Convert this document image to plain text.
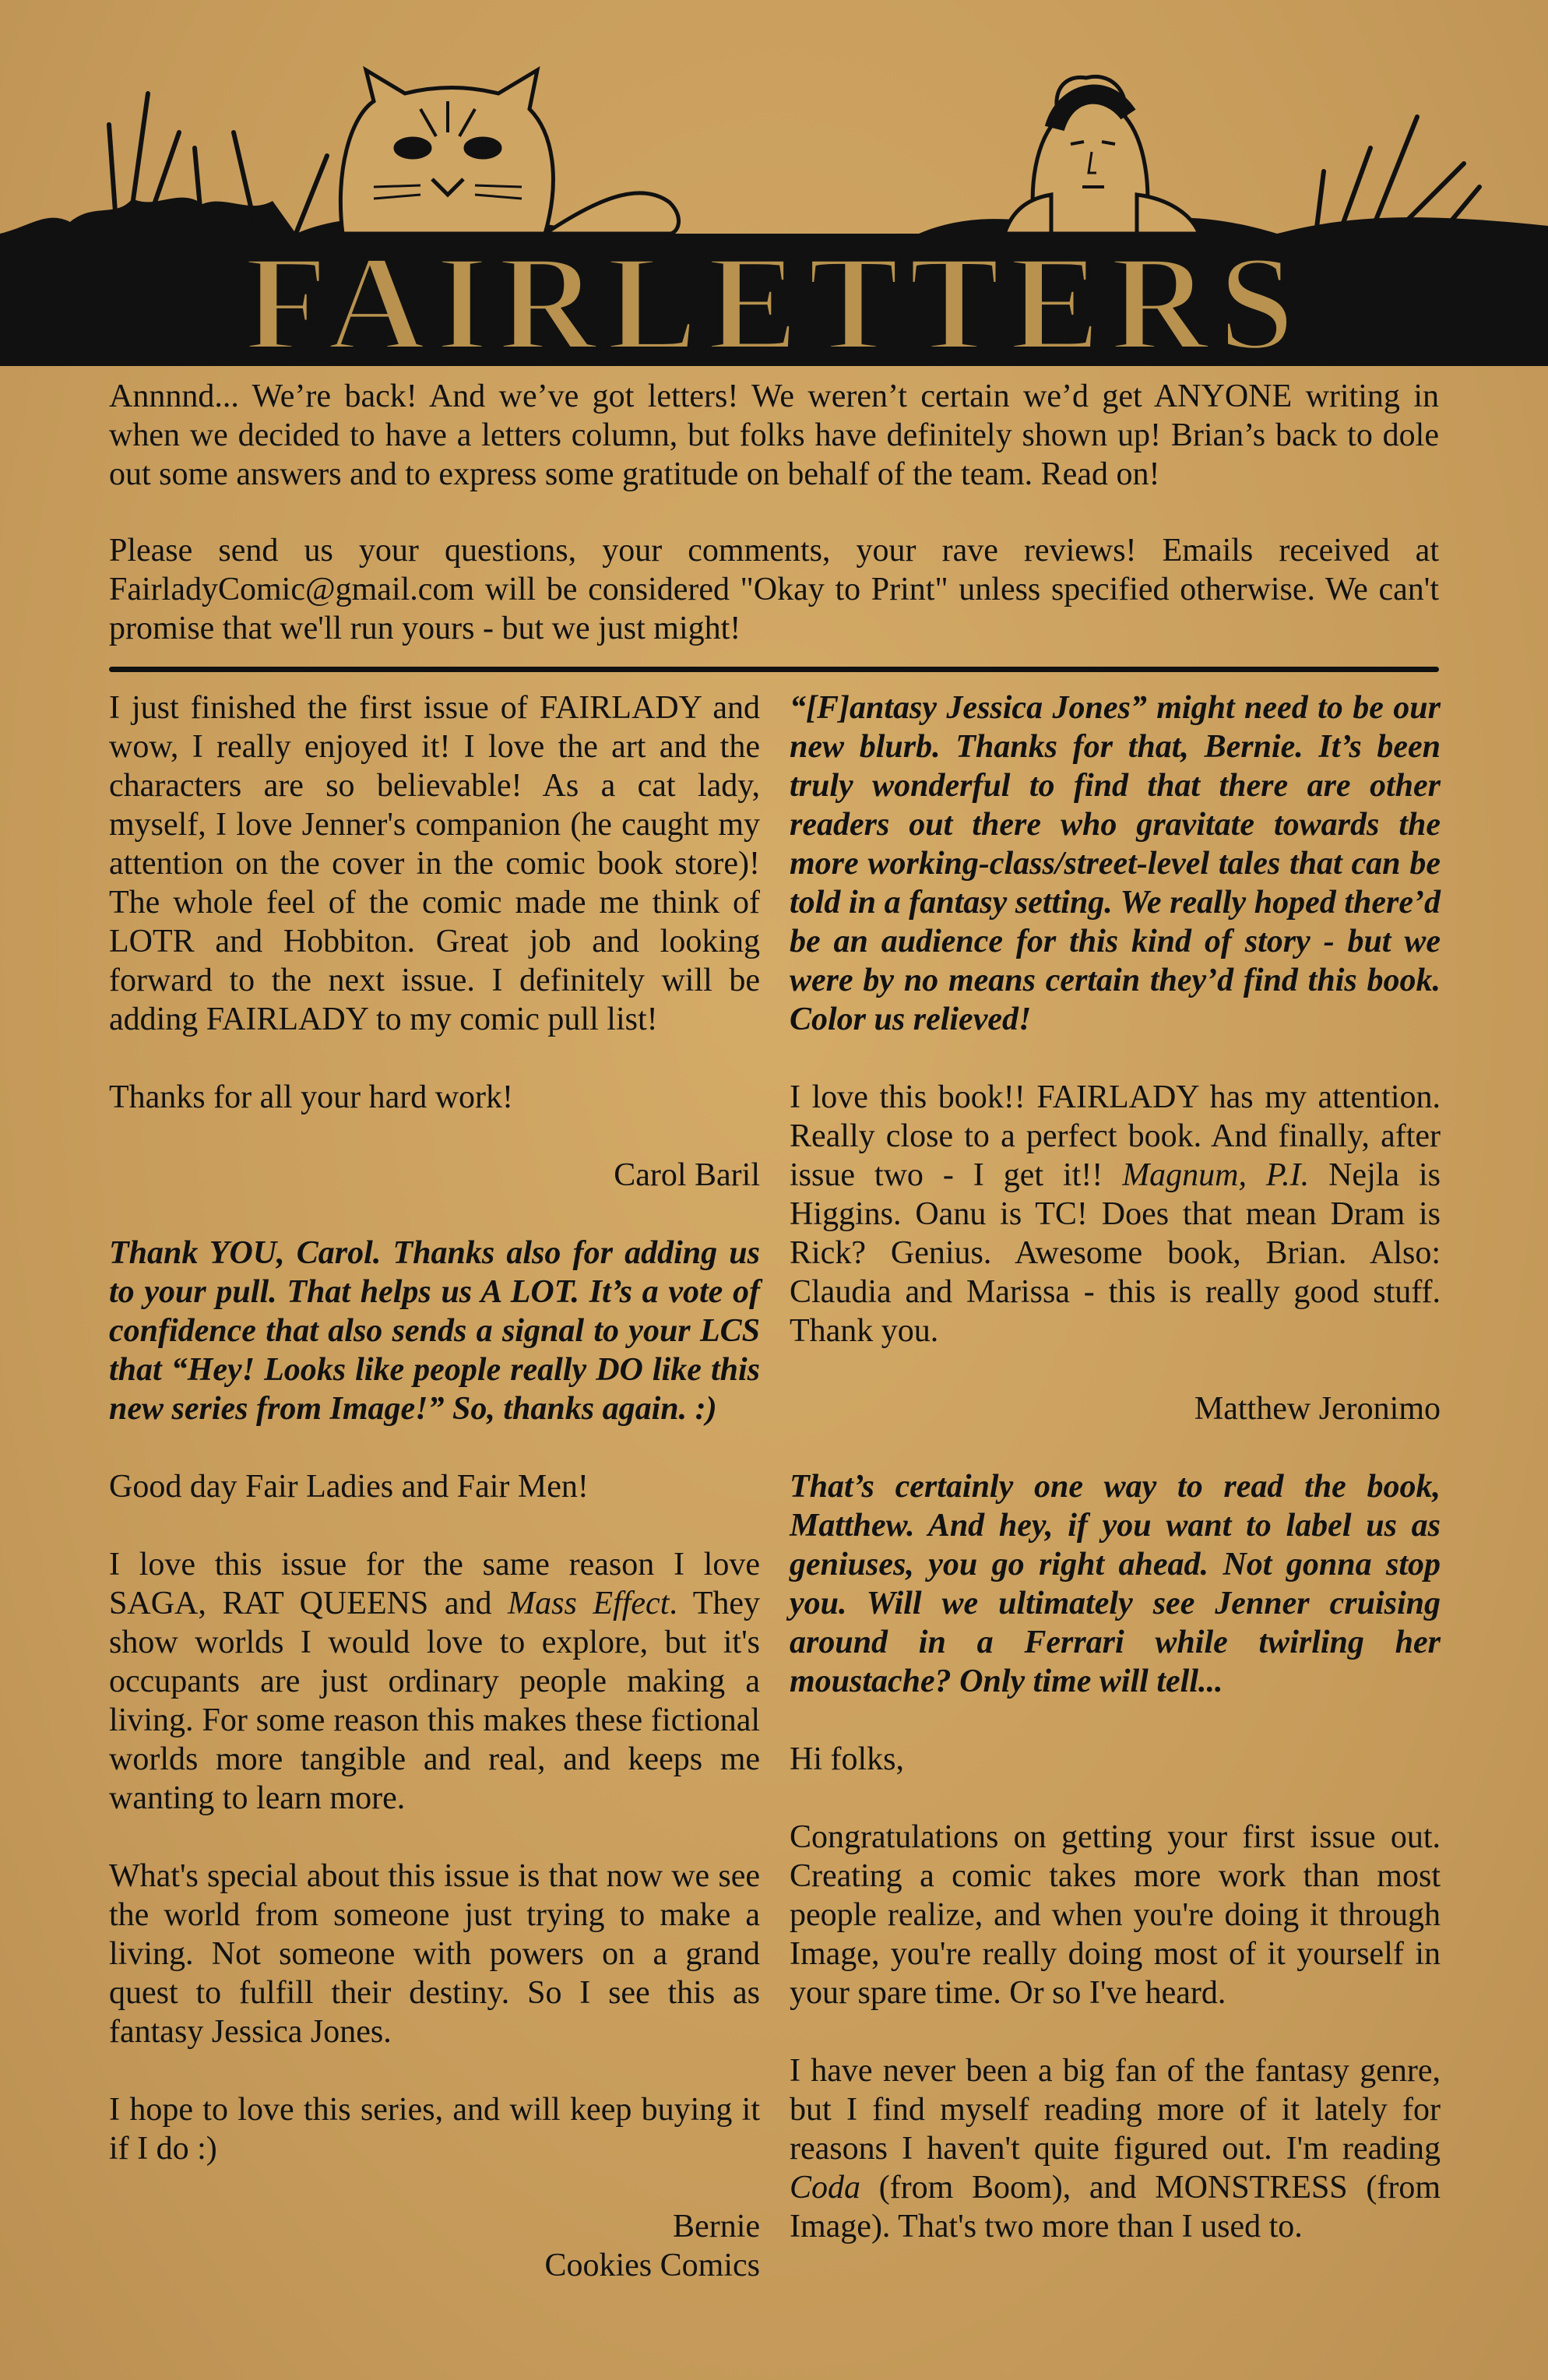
FAIRLETTERS

Annnnd... We’re back! And we’ve got letters! We weren’t certain we’d get ANYONE writing in when we decided to have a letters column, but folks have definitely shown up! Brian’s back to dole out some answers and to express some gratitude on behalf of the team. Read on!

Please send us your questions, your comments, your rave reviews! Emails received at FairladyComic@gmail.com will be considered "Okay to Print" unless specified otherwise. We can't promise that we'll run yours - but we just might!

I just finished the first issue of FAIRLADY and wow, I really enjoyed it! I love the art and the characters are so believable! As a cat lady, myself, I love Jenner's companion (he caught my attention on the cover in the comic book store)! The whole feel of the comic made me think of LOTR and Hobbiton. Great job and looking forward to the next issue. I definitely will be adding FAIRLADY to my comic pull list!

Thanks for all your hard work!

Carol Baril

Thank YOU, Carol. Thanks also for adding us to your pull. That helps us A LOT. It’s a vote of confidence that also sends a signal to your LCS that “Hey! Looks like people really DO like this new series from Image!” So, thanks again. :)

Good day Fair Ladies and Fair Men!

I love this issue for the same reason I love SAGA, RAT QUEENS and Mass Effect. They show worlds I would love to explore, but it's occupants are just ordinary people making a living. For some reason this makes these fictional worlds more tangible and real, and keeps me wanting to learn more.

What's special about this issue is that now we see the world from someone just trying to make a living. Not someone with powers on a grand quest to fulfill their destiny. So I see this as fantasy Jessica Jones.

I hope to love this series, and will keep buying it if I do :)

Bernie
Cookies Comics

“[F]antasy Jessica Jones” might need to be our new blurb. Thanks for that, Bernie. It’s been truly wonderful to find that there are other readers out there who gravitate towards the more working-class/street-level tales that can be told in a fantasy setting. We really hoped there’d be an audience for this kind of story - but we were by no means certain they’d find this book. Color us relieved!

I love this book!! FAIRLADY has my attention. Really close to a perfect book. And finally, after issue two - I get it!! Magnum, P.I. Nejla is Higgins. Oanu is TC! Does that mean Dram is Rick? Genius. Awesome book, Brian. Also: Claudia and Marissa - this is really good stuff. Thank you.

Matthew Jeronimo

That’s certainly one way to read the book, Matthew. And hey, if you want to label us as geniuses, you go right ahead. Not gonna stop you. Will we ultimately see Jenner cruising around in a Ferrari while twirling her moustache? Only time will tell...

Hi folks,

Congratulations on getting your first issue out. Creating a comic takes more work than most people realize, and when you're doing it through Image, you're really doing most of it yourself in your spare time. Or so I've heard.

I have never been a big fan of the fantasy genre, but I find myself reading more of it lately for reasons I haven't quite figured out. I'm reading Coda (from Boom), and MONSTRESS (from Image). That's two more than I used to.
